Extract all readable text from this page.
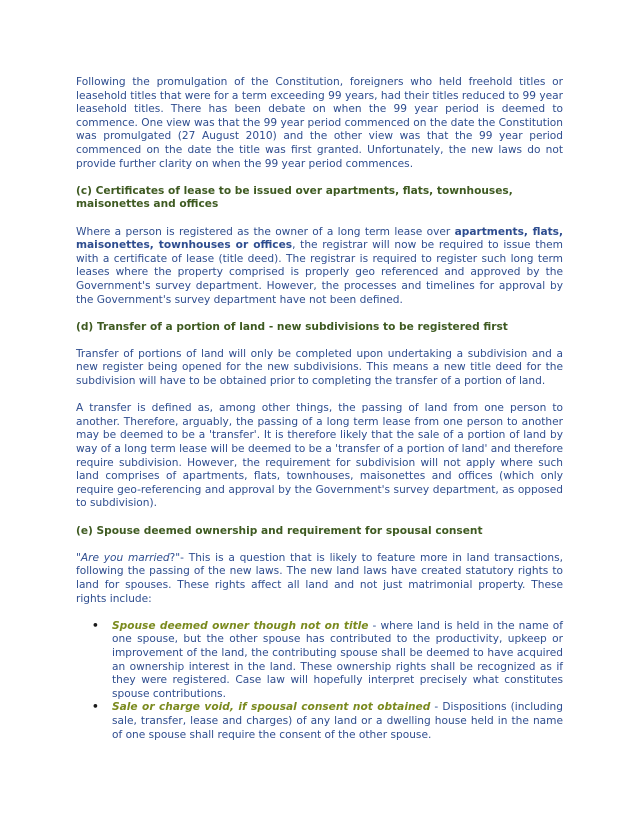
Following the promulgation of the Constitution, foreigners who held freehold titles or leasehold titles that were for a term exceeding 99 years, had their titles reduced to 99 year leasehold titles. There has been debate on when the 99 year period is deemed to commence. One view was that the 99 year period commenced on the date the Constitution was promulgated (27 August 2010) and the other view was that the 99 year period commenced on the date the title was first granted. Unfortunately, the new laws do not provide further clarity on when the 99 year period commences.

(c) Certificates of lease to be issued over apartments, flats, townhouses, maisonettes and offices

Where a person is registered as the owner of a long term lease over apartments, flats, maisonettes, townhouses or offices, the registrar will now be required to issue them with a certificate of lease (title deed). The registrar is required to register such long term leases where the property comprised is properly geo referenced and approved by the Government's survey department. However, the processes and timelines for approval by the Government's survey department have not been defined.

(d) Transfer of a portion of land - new subdivisions to be registered first

Transfer of portions of land will only be completed upon undertaking a subdivision and a new register being opened for the new subdivisions. This means a new title deed for the subdivision will have to be obtained prior to completing the transfer of a portion of land.

A transfer is defined as, among other things, the passing of land from one person to another. Therefore, arguably, the passing of a long term lease from one person to another may be deemed to be a 'transfer'. It is therefore likely that the sale of a portion of land by way of a long term lease will be deemed to be a 'transfer of a portion of land' and therefore require subdivision. However, the requirement for subdivision will not apply where such land comprises of apartments, flats, townhouses, maisonettes and offices (which only require geo-referencing and approval by the Government's survey department, as opposed to subdivision).

(e) Spouse deemed ownership and requirement for spousal consent

"Are you married?"- This is a question that is likely to feature more in land transactions, following the passing of the new laws. The new land laws have created statutory rights to land for spouses. These rights affect all land and not just matrimonial property. These rights include:

• Spouse deemed owner though not on title - where land is held in the name of one spouse, but the other spouse has contributed to the productivity, upkeep or improvement of the land, the contributing spouse shall be deemed to have acquired an ownership interest in the land. These ownership rights shall be recognized as if they were registered. Case law will hopefully interpret precisely what constitutes spouse contributions.
• Sale or charge void, if spousal consent not obtained - Dispositions (including sale, transfer, lease and charges) of any land or a dwelling house held in the name of one spouse shall require the consent of the other spouse.
